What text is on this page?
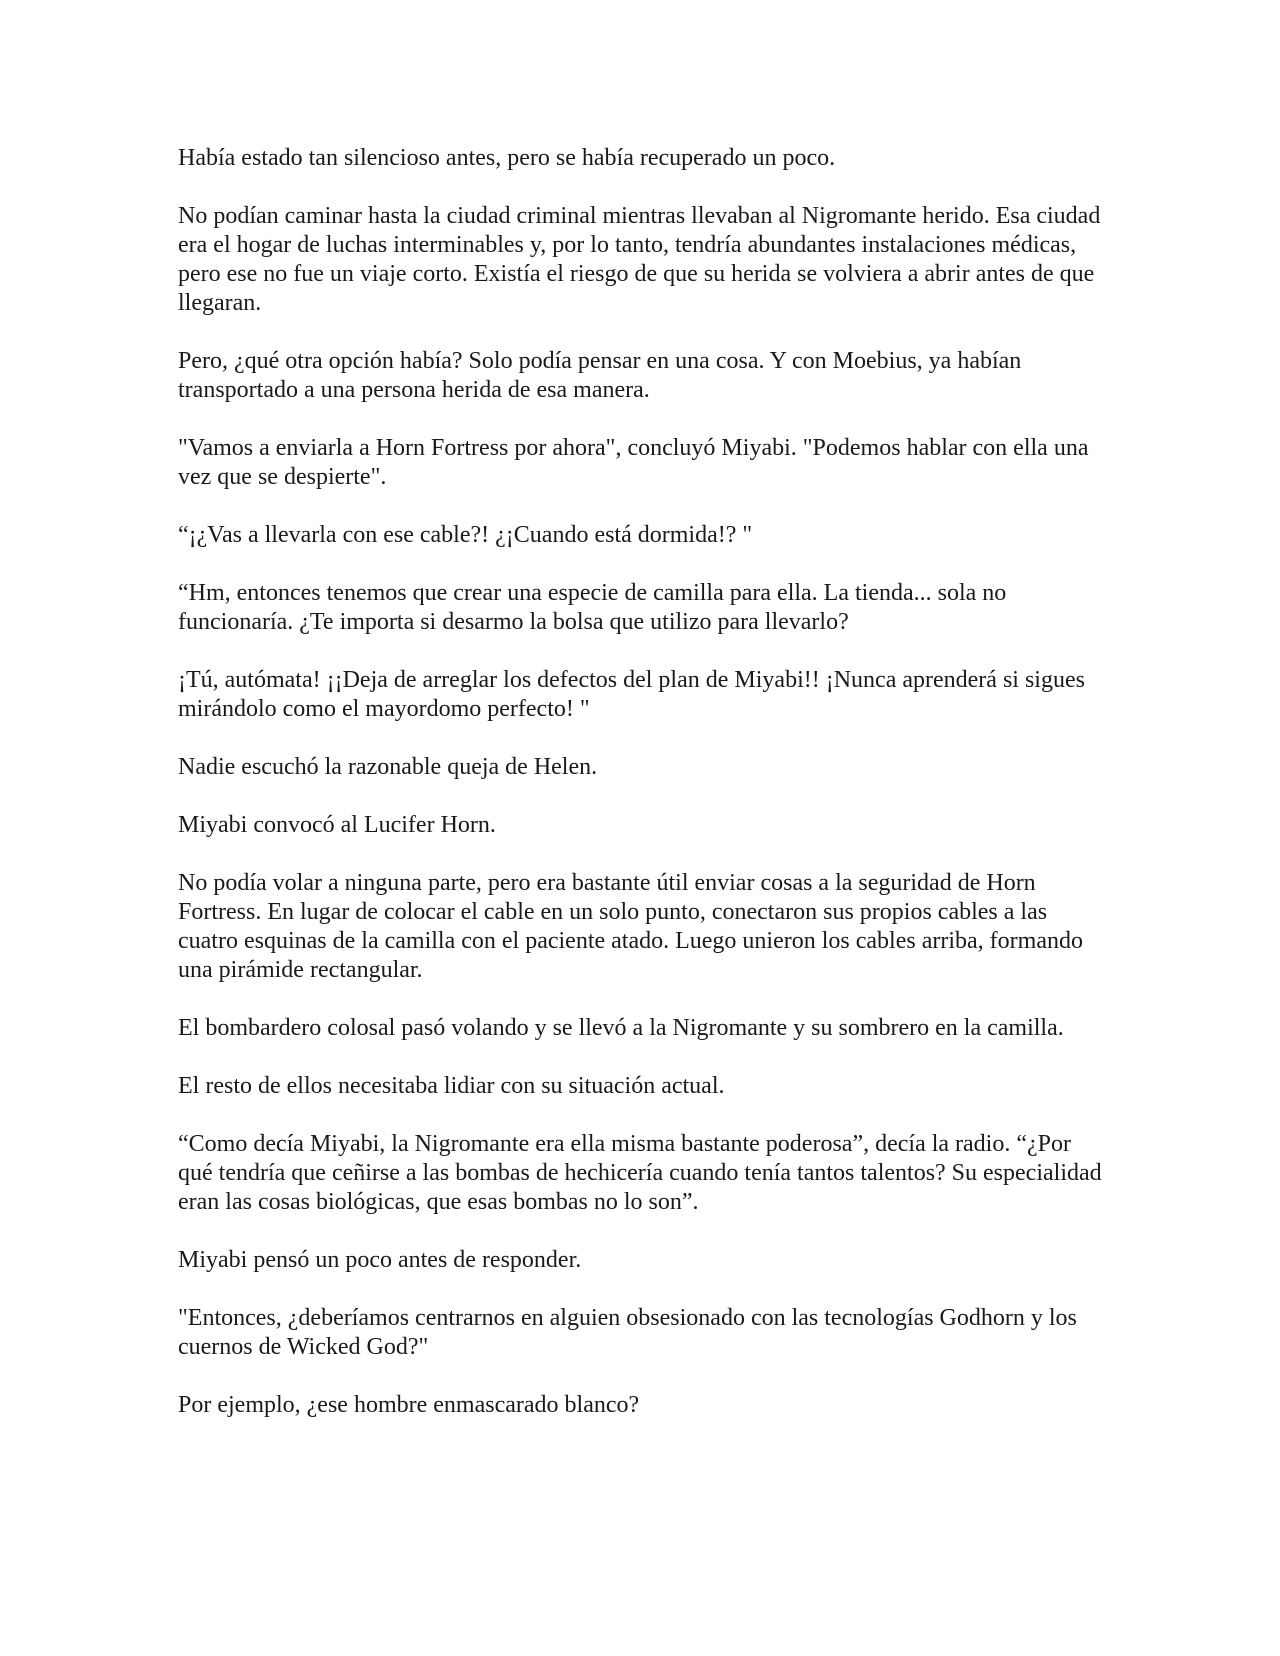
Había estado tan silencioso antes, pero se había recuperado un poco.

No podían caminar hasta la ciudad criminal mientras llevaban al Nigromante herido. Esa ciudad era el hogar de luchas interminables y, por lo tanto, tendría abundantes instalaciones médicas, pero ese no fue un viaje corto. Existía el riesgo de que su herida se volviera a abrir antes de que llegaran.

Pero, ¿qué otra opción había? Solo podía pensar en una cosa. Y con Moebius, ya habían transportado a una persona herida de esa manera.

"Vamos a enviarla a Horn Fortress por ahora", concluyó Miyabi. "Podemos hablar con ella una vez que se despierte".

“¡¿Vas a llevarla con ese cable?! ¿¡Cuando está dormida!? "

“Hm, entonces tenemos que crear una especie de camilla para ella. La tienda... sola no funcionaría. ¿Te importa si desarmo la bolsa que utilizo para llevarlo?

¡Tú, autómata! ¡¡Deja de arreglar los defectos del plan de Miyabi!! ¡Nunca aprenderá si sigues mirándolo como el mayordomo perfecto! "

Nadie escuchó la razonable queja de Helen.

Miyabi convocó al Lucifer Horn.

No podía volar a ninguna parte, pero era bastante útil enviar cosas a la seguridad de Horn Fortress. En lugar de colocar el cable en un solo punto, conectaron sus propios cables a las cuatro esquinas de la camilla con el paciente atado. Luego unieron los cables arriba, formando una pirámide rectangular.

El bombardero colosal pasó volando y se llevó a la Nigromante y su sombrero en la camilla.

El resto de ellos necesitaba lidiar con su situación actual.

“Como decía Miyabi, la Nigromante era ella misma bastante poderosa”, decía la radio. “¿Por qué tendría que ceñirse a las bombas de hechicería cuando tenía tantos talentos? Su especialidad eran las cosas biológicas, que esas bombas no lo son”.

Miyabi pensó un poco antes de responder.

"Entonces, ¿deberíamos centrarnos en alguien obsesionado con las tecnologías Godhorn y los cuernos de Wicked God?"

Por ejemplo, ¿ese hombre enmascarado blanco?
